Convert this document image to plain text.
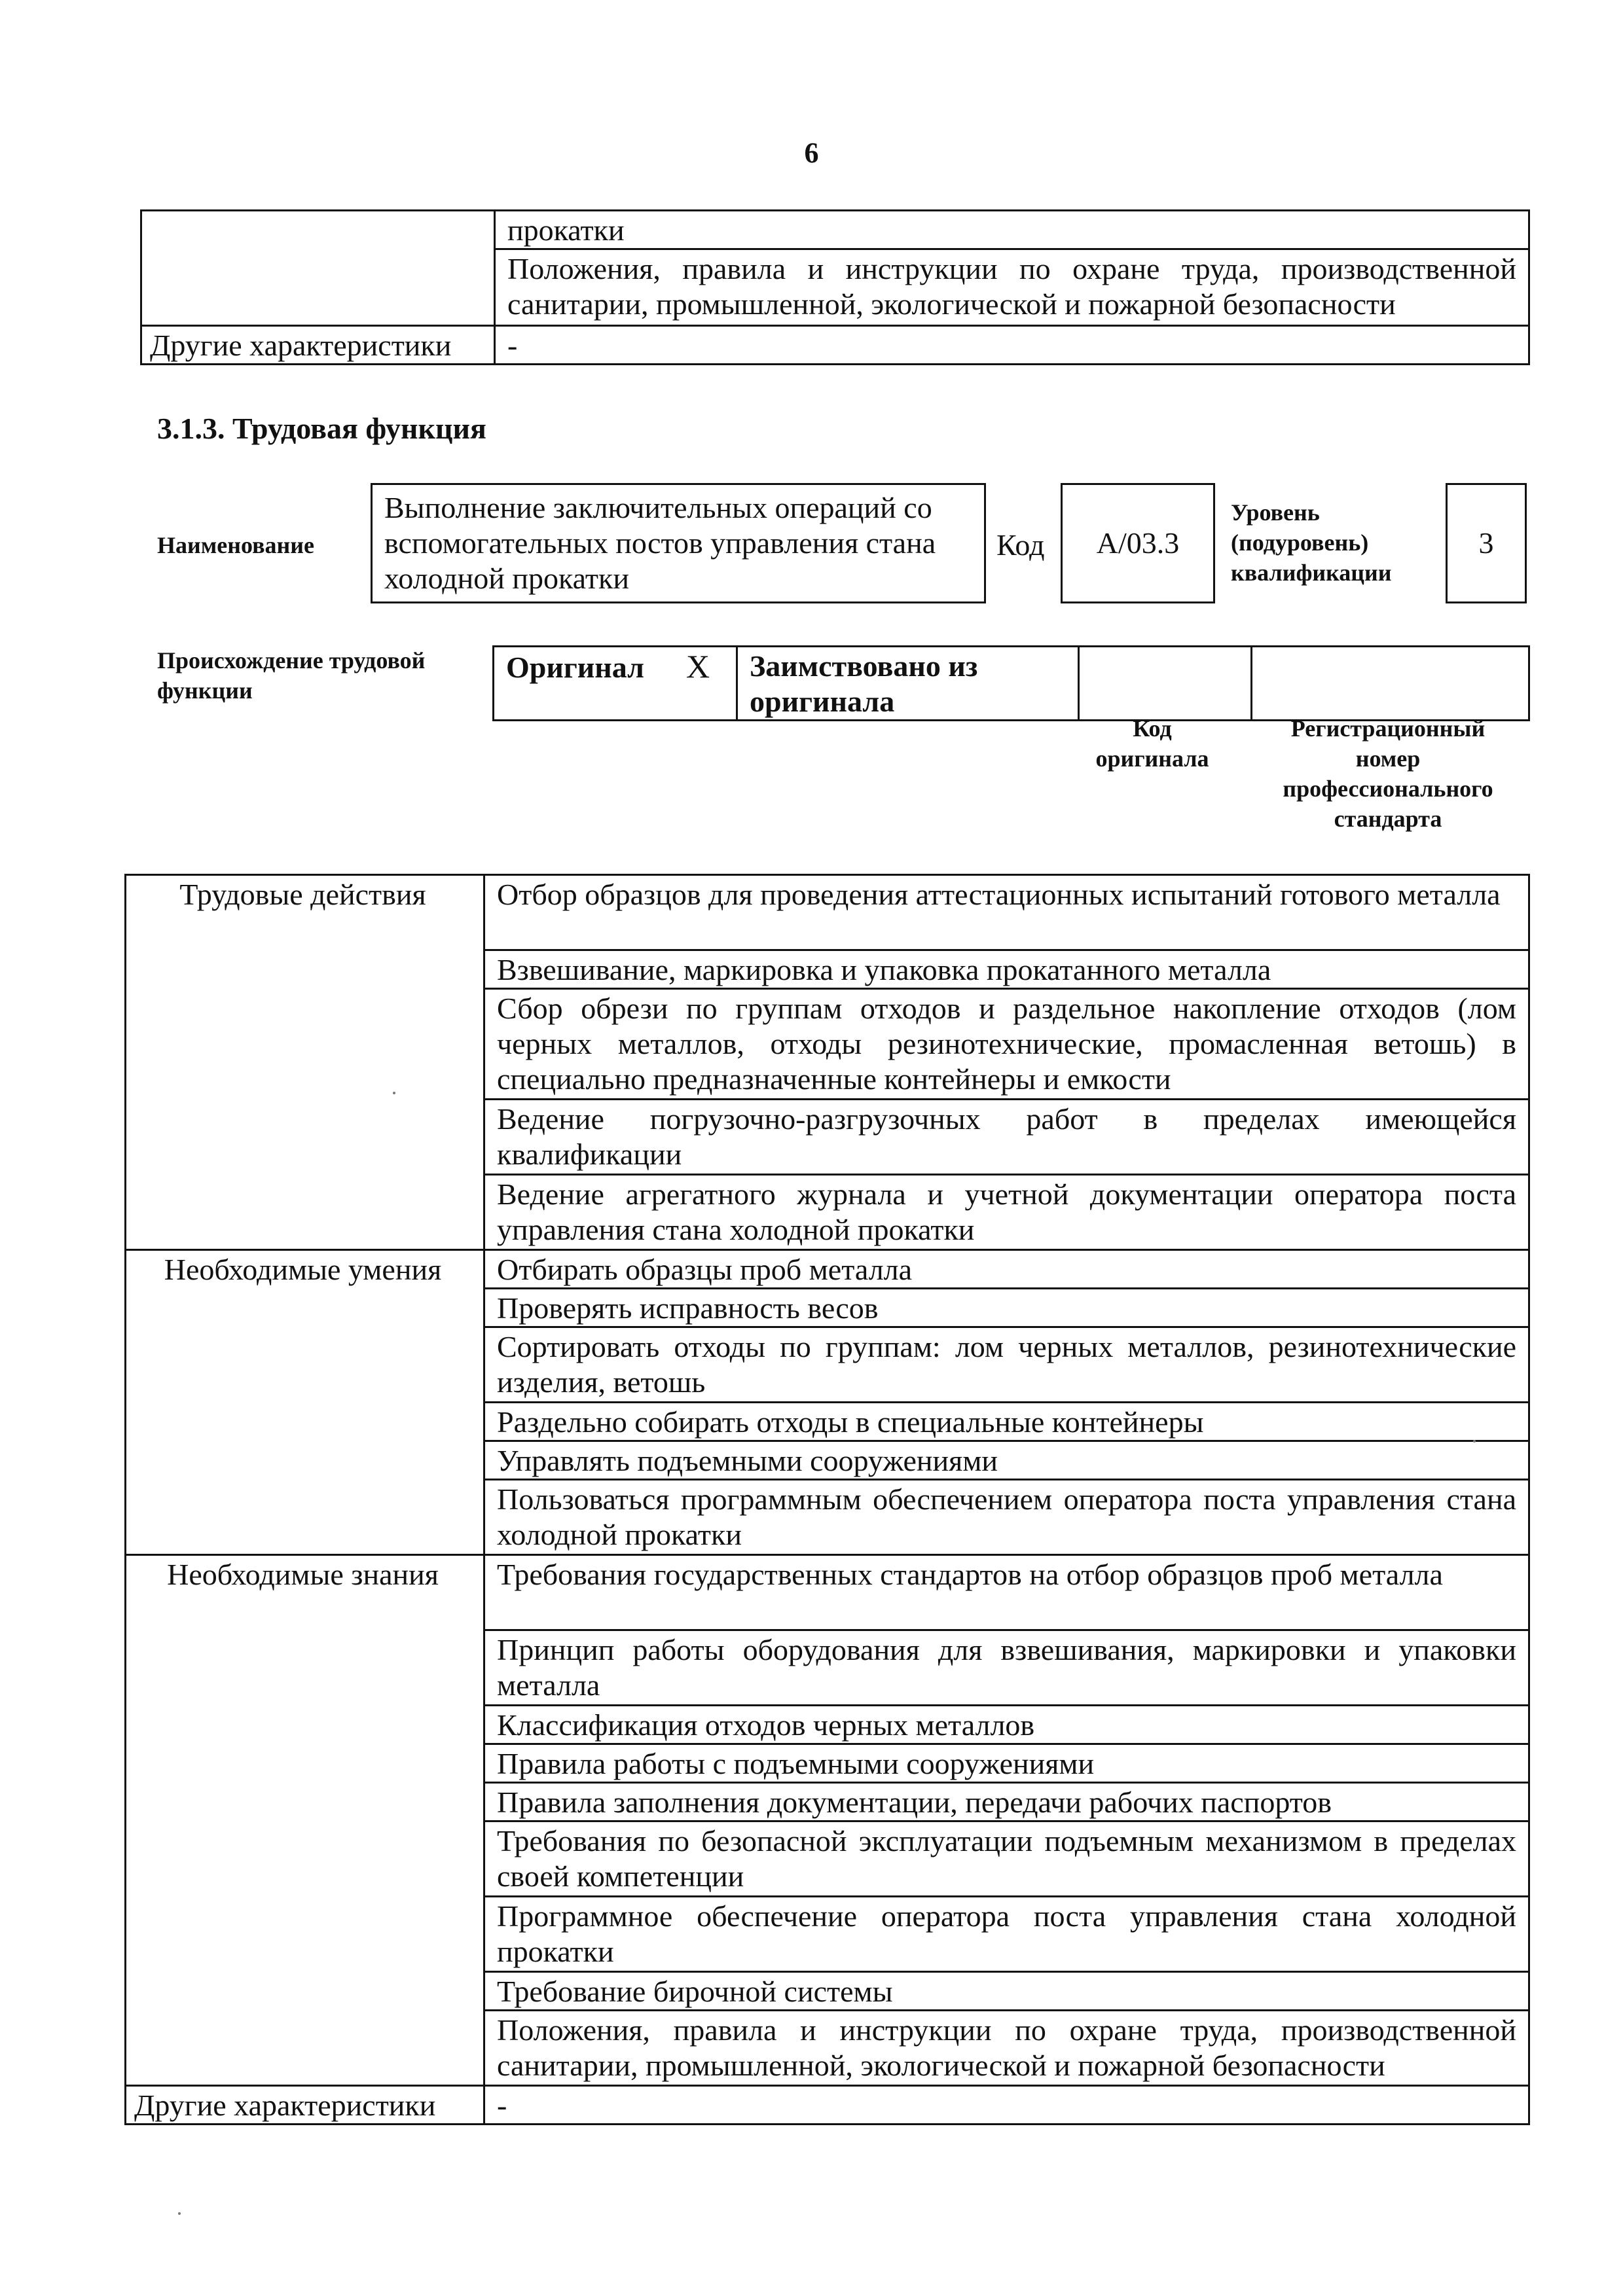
6
	прокатки
	Положения, правила и инструкции по охране труда, производственной санитарии, промышленной, экологической и пожарной безопасности
Другие характеристики	-
3.1.3. Трудовая функция
Наименование
Выполнение заключительных операций со вспомогательных постов управления стана холодной прокатки
Код	А/03.3
Уровень
(подуровень)
квалификации
3
Происхождение трудовой
функции
Оригинал X	Заимствовано из
оригинала

Код
оригинала
Регистрационный
номер
профессионального
стандарта
Трудовые действия	Отбор образцов для проведения аттестационных испытаний готового металла
	Взвешивание, маркировка и упаковка прокатанного металла
	Сбор обрези по группам отходов и раздельное накопление отходов (лом черных металлов, отходы резинотехнические, промасленная ветошь) в специально предназначенные контейнеры и емкости
	Ведение погрузочно-разгрузочных работ в пределах имеющейся квалификации
	Ведение агрегатного журнала и учетной документации оператора поста управления стана холодной прокатки
Необходимые умения	Отбирать образцы проб металла
	Проверять исправность весов
	Сортировать отходы по группам: лом черных металлов, резинотехнические изделия, ветошь
	Раздельно собирать отходы в специальные контейнеры
	Управлять подъемными сооружениями
	Пользоваться программным обеспечением оператора поста управления стана холодной прокатки
Необходимые знания	Требования государственных стандартов на отбор образцов проб металла
	Принцип работы оборудования для взвешивания, маркировки и упаковки металла
	Классификация отходов черных металлов
	Правила работы с подъемными сооружениями
	Правила заполнения документации, передачи рабочих паспортов
	Требования по безопасной эксплуатации подъемным механизмом в пределах своей компетенции
	Программное обеспечение оператора поста управления стана холодной прокатки
	Требование бирочной системы
	Положения, правила и инструкции по охране труда, производственной санитарии, промышленной, экологической и пожарной безопасности
Другие характеристики	-
